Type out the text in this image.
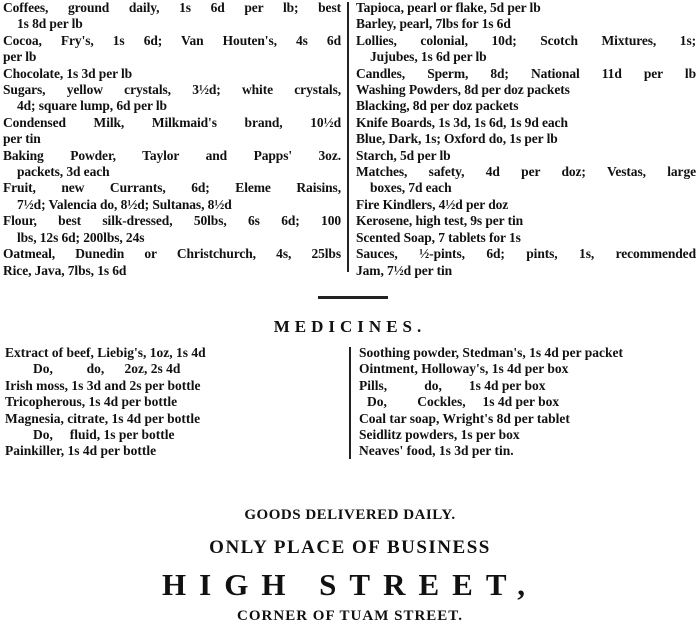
Coffees, ground daily, 1s 6d per lb; best
1s 8d per lb
Cocoa, Fry's, 1s 6d; Van Houten's, 4s 6d
per lb
Chocolate, 1s 3d per lb
Sugars, yellow crystals, 3½d; white crystals,
4d; square lump, 6d per lb
Condensed Milk, Milkmaid's brand, 10½d
per tin
Baking Powder, Taylor and Papps' 3oz.
packets, 3d each
Fruit, new Currants, 6d; Eleme Raisins,
7½d; Valencia do, 8½d; Sultanas, 8½d
Flour, best silk-dressed, 50lbs, 6s 6d; 100
lbs, 12s 6d; 200lbs, 24s
Oatmeal, Dunedin or Christchurch, 4s, 25lbs
Rice, Java, 7lbs, 1s 6d
Tapioca, pearl or flake, 5d per lb
Barley, pearl, 7lbs for 1s 6d
Lollies, colonial, 10d; Scotch Mixtures, 1s;
Jujubes, 1s 6d per lb
Candles, Sperm, 8d; National 11d per lb
Washing Powders, 8d per doz packets
Blacking, 8d per doz packets
Knife Boards, 1s 3d, 1s 6d, 1s 9d each
Blue, Dark, 1s; Oxford do, 1s per lb
Starch, 5d per lb
Matches, safety, 4d per doz; Vestas, large
boxes, 7d each
Fire Kindlers, 4½d per doz
Kerosene, high test, 9s per tin
Scented Soap, 7 tablets for 1s
Sauces, ½-pints, 6d; pints, 1s, recommended
Jam, 7½d per tin
MEDICINES.
Extract of beef, Liebig's, 1oz, 1s 4d
Do,          do,      2oz, 2s 4d
Irish moss, 1s 3d and 2s per bottle
Tricopherous, 1s 4d per bottle
Magnesia, citrate, 1s 4d per bottle
Do,     fluid, 1s per bottle
Painkiller, 1s 4d per bottle
Soothing powder, Stedman's, 1s 4d per packet
Ointment, Holloway's, 1s 4d per box
Pills,           do,        1s 4d per box
Do,         Cockles,     1s 4d per box
Coal tar soap, Wright's 8d per tablet
Seidlitz powders, 1s per box
Neaves' food, 1s 3d per tin.
GOODS DELIVERED DAILY.
ONLY PLACE OF BUSINESS
HIGH STREET,
CORNER OF TUAM STREET.
